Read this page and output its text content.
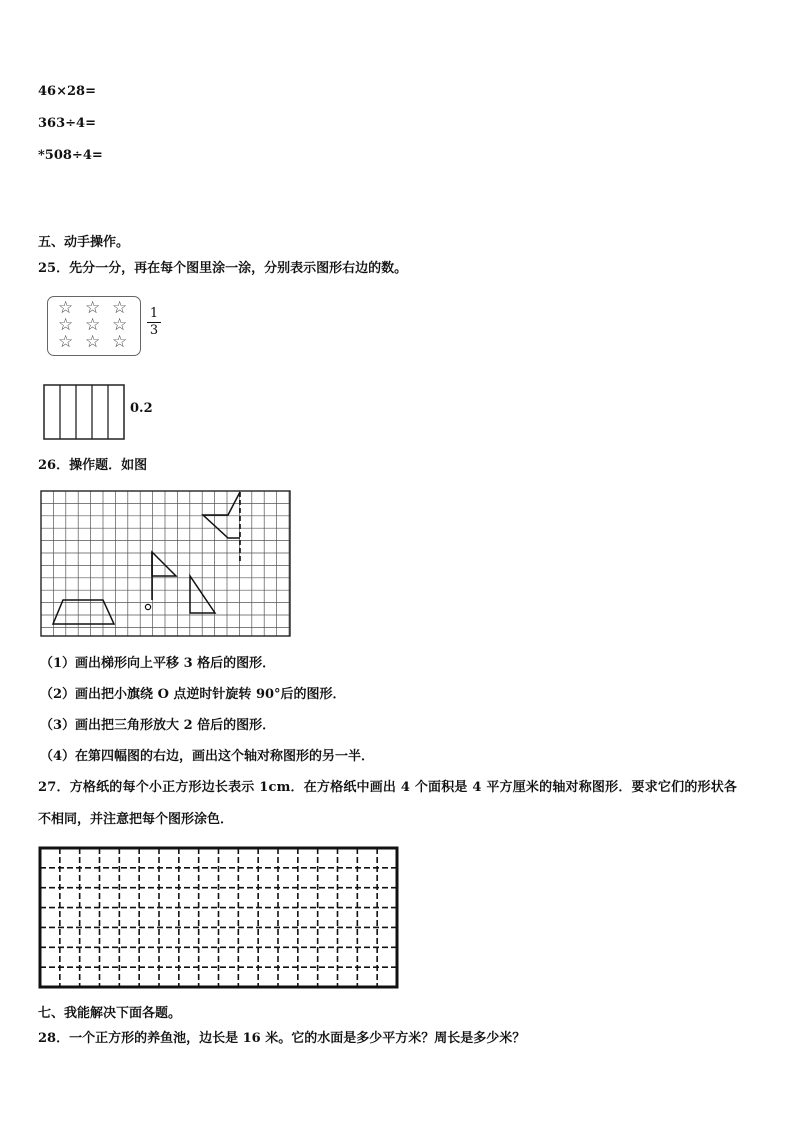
46×28=
363÷4=
*508÷4=
五、动手操作。
25．先分一分，再在每个图里涂一涂，分别表示图形右边的数。
1
3
0.2
26．操作题．如图
（1）画出梯形向上平移 3 格后的图形．
（2）画出把小旗绕 O 点逆时针旋转 90°后的图形．
（3）画出把三角形放大 2 倍后的图形．
（4）在第四幅图的右边，画出这个轴对称图形的另一半．
27．方格纸的每个小正方形边长表示 1cm．在方格纸中画出 4 个面积是 4 平方厘米的轴对称图形．要求它们的形状各
不相同，并注意把每个图形涂色．
七、我能解决下面各题。
28．一个正方形的养鱼池，边长是 16 米。它的水面是多少平方米？周长是多少米？
☆ ☆ ☆
☆ ☆ ☆
☆ ☆ ☆
